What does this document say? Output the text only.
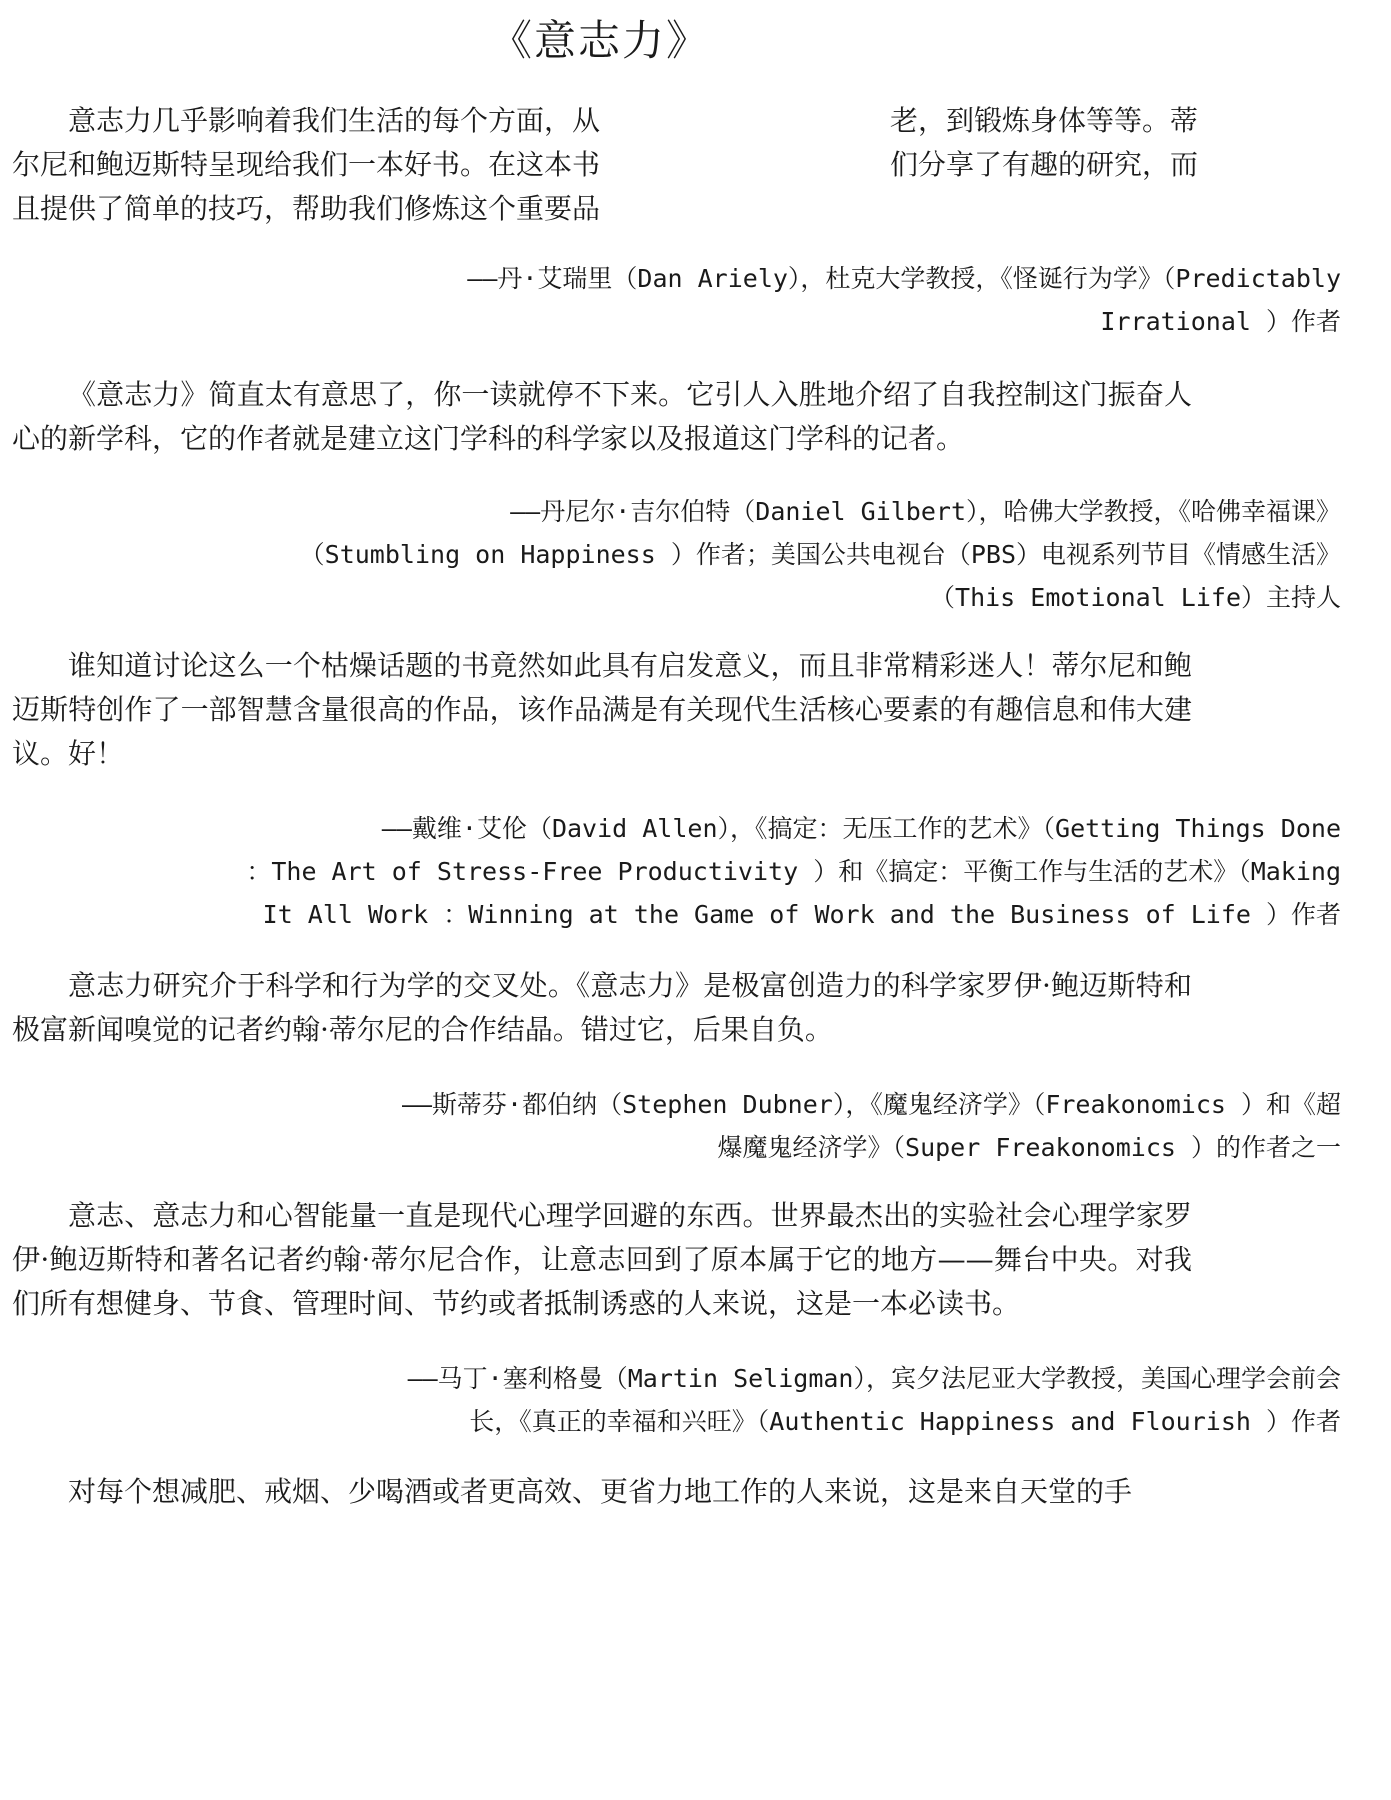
《意志力》
意志力几乎影响着我们生活的每个方面，从
尔尼和鲍迈斯特呈现给我们一本好书。在这本书
且提供了简单的技巧，帮助我们修炼这个重要品
老，到锻炼身体等等。蒂
们分享了有趣的研究，而
——丹·艾瑞里（Dan Ariely），杜克大学教授，《怪诞行为学》（Predictably
Irrational ）作者

《意志力》简直太有意思了，你一读就停不下来。它引人入胜地介绍了自我控制这门振奋人心的新学科，它的作者就是建立这门学科的科学家以及报道这门学科的记者。

——丹尼尔·吉尔伯特（Daniel Gilbert），哈佛大学教授，《哈佛幸福课》
（Stumbling on Happiness ）作者；美国公共电视台（PBS）电视系列节目《情感生活》
（This Emotional Life）主持人

谁知道讨论这么一个枯燥话题的书竟然如此具有启发意义，而且非常精彩迷人！蒂尔尼和鲍迈斯特创作了一部智慧含量很高的作品，该作品满是有关现代生活核心要素的有趣信息和伟大建议。好！

——戴维·艾伦（David Allen），《搞定：无压工作的艺术》（Getting Things Done
：The Art of Stress-Free Productivity ）和《搞定：平衡工作与生活的艺术》（Making
It All Work ：Winning at the Game of Work and the Business of Life ）作者

意志力研究介于科学和行为学的交叉处。《意志力》是极富创造力的科学家罗伊·鲍迈斯特和极富新闻嗅觉的记者约翰·蒂尔尼的合作结晶。错过它，后果自负。

——斯蒂芬·都伯纳（Stephen Dubner），《魔鬼经济学》（Freakonomics ）和《超
爆魔鬼经济学》（Super Freakonomics ）的作者之一

意志、意志力和心智能量一直是现代心理学回避的东西。世界最杰出的实验社会心理学家罗伊·鲍迈斯特和著名记者约翰·蒂尔尼合作，让意志回到了原本属于它的地方——舞台中央。对我们所有想健身、节食、管理时间、节约或者抵制诱惑的人来说，这是一本必读书。

——马丁·塞利格曼（Martin Seligman），宾夕法尼亚大学教授，美国心理学会前会
长，《真正的幸福和兴旺》（Authentic Happiness and Flourish ）作者

对每个想减肥、戒烟、少喝酒或者更高效、更省力地工作的人来说，这是来自天堂的手
